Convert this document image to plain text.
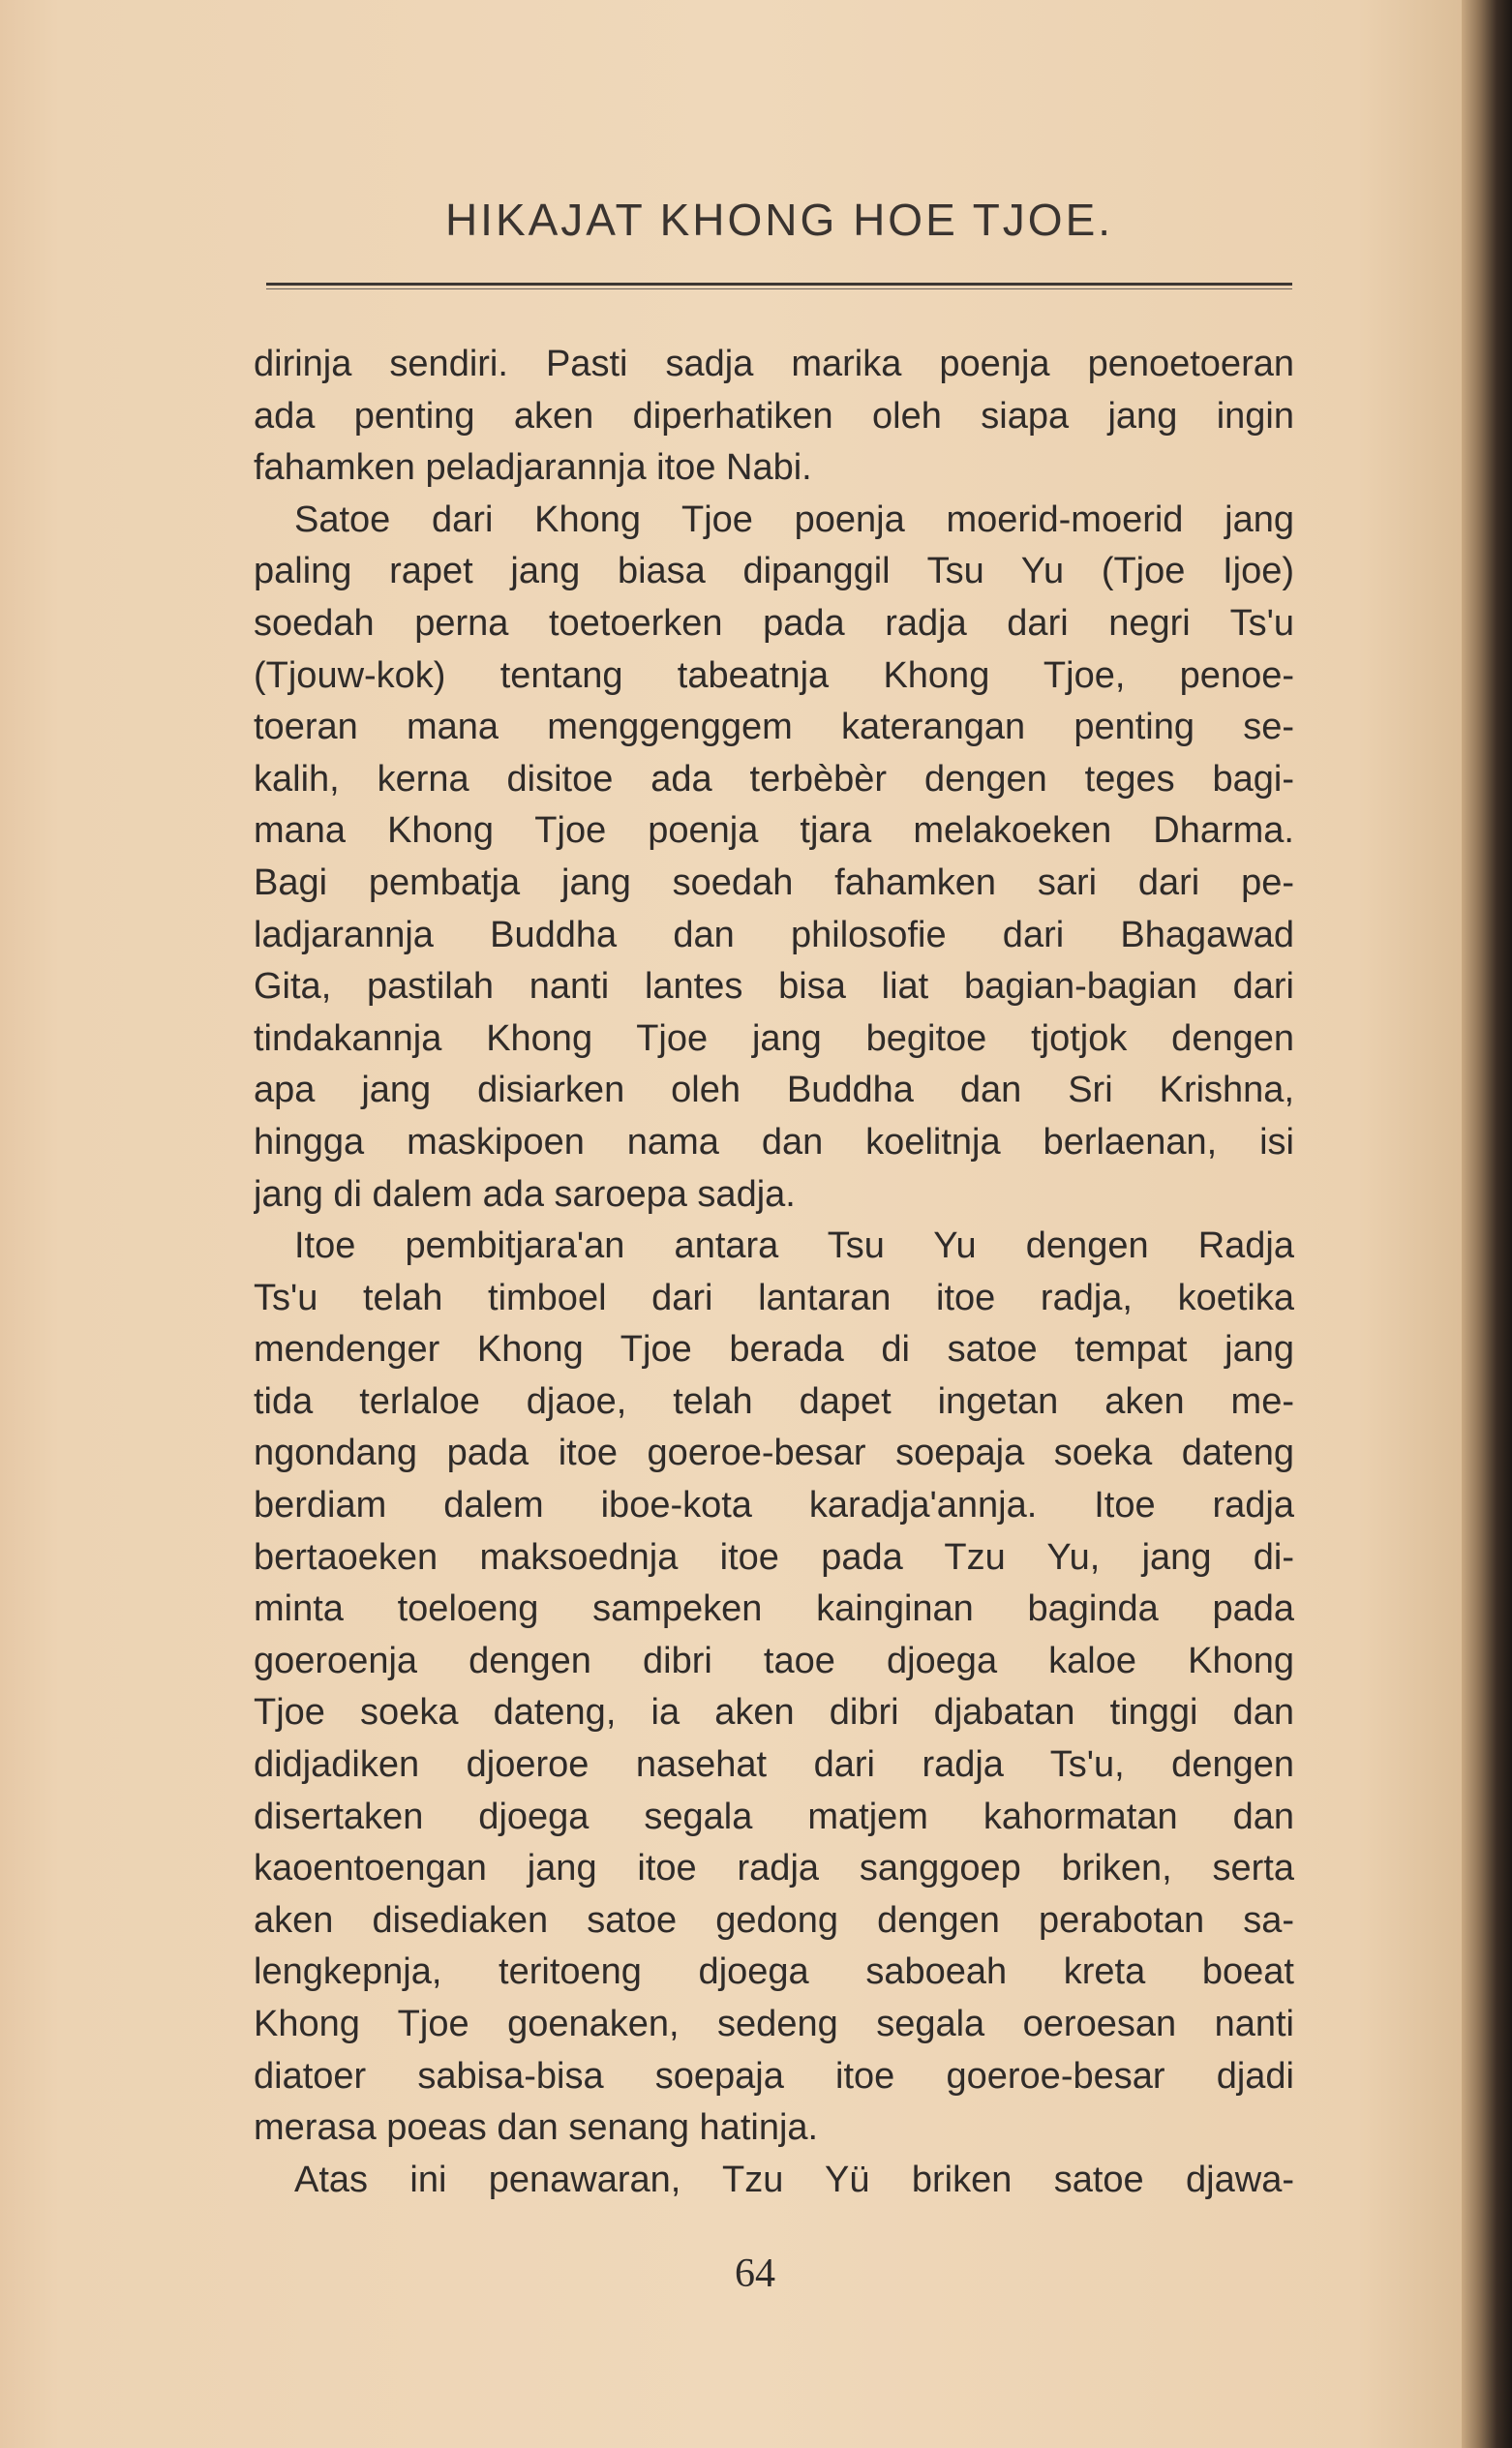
HIKAJAT KHONG HOE TJOE.
dirinja sendiri. Pasti sadja marika poenja penoetoeran
ada penting aken diperhatiken oleh siapa jang ingin
fahamken peladjarannja itoe Nabi.
Satoe dari Khong Tjoe poenja moerid-moerid jang
paling rapet jang biasa dipanggil Tsu Yu (Tjoe Ijoe)
soedah perna toetoerken pada radja dari negri Ts'u
(Tjouw-kok) tentang tabeatnja Khong Tjoe, penoe-
toeran mana menggenggem katerangan penting se-
kalih, kerna disitoe ada terbèbèr dengen teges bagi-
mana Khong Tjoe poenja tjara melakoeken Dharma.
Bagi pembatja jang soedah fahamken sari dari pe-
ladjarannja Buddha dan philosofie dari Bhagawad
Gita, pastilah nanti lantes bisa liat bagian-bagian dari
tindakannja Khong Tjoe jang begitoe tjotjok dengen
apa jang disiarken oleh Buddha dan Sri Krishna,
hingga maskipoen nama dan koelitnja berlaenan, isi
jang di dalem ada saroepa sadja.
Itoe pembitjara'an antara Tsu Yu dengen Radja
Ts'u telah timboel dari lantaran itoe radja, koetika
mendenger Khong Tjoe berada di satoe tempat jang
tida terlaloe djaoe, telah dapet ingetan aken me-
ngondang pada itoe goeroe-besar soepaja soeka dateng
berdiam dalem iboe-kota karadja'annja. Itoe radja
bertaoeken maksoednja itoe pada Tzu Yu, jang di-
minta toeloeng sampeken kainginan baginda pada
goeroenja dengen dibri taoe djoega kaloe Khong
Tjoe soeka dateng, ia aken dibri djabatan tinggi dan
didjadiken djoeroe nasehat dari radja Ts'u, dengen
disertaken djoega segala matjem kahormatan dan
kaoentoengan jang itoe radja sanggoep briken, serta
aken disediaken satoe gedong dengen perabotan sa-
lengkepnja, teritoeng djoega saboeah kreta boeat
Khong Tjoe goenaken, sedeng segala oeroesan nanti
diatoer sabisa-bisa soepaja itoe goeroe-besar djadi
merasa poeas dan senang hatinja.
Atas ini penawaran, Tzu Yü briken satoe djawa-
64
